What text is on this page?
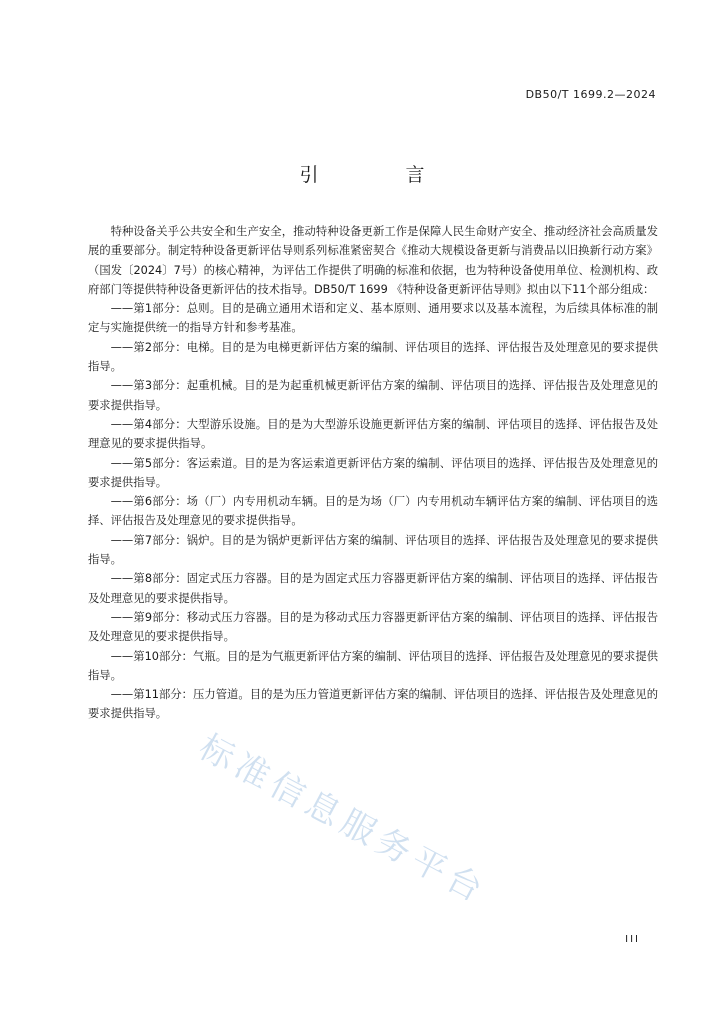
DB50/T 1699.2—2024
引　言

特种设备关乎公共安全和生产安全，推动特种设备更新工作是保障人民生命财产安全、推动经济社会高质量发展的重要部分。制定特种设备更新评估导则系列标准紧密契合《推动大规模设备更新与消费品以旧换新行动方案》（国发〔2024〕7号）的核心精神，为评估工作提供了明确的标准和依据，也为特种设备使用单位、检测机构、政府部门等提供特种设备更新评估的技术指导。DB50/T 1699 《特种设备更新评估导则》拟由以下11个部分组成：

——第1部分：总则。目的是确立通用术语和定义、基本原则、通用要求以及基本流程，为后续具体标准的制定与实施提供统一的指导方针和参考基准。

——第2部分：电梯。目的是为电梯更新评估方案的编制、评估项目的选择、评估报告及处理意见的要求提供指导。

——第3部分：起重机械。目的是为起重机械更新评估方案的编制、评估项目的选择、评估报告及处理意见的要求提供指导。

——第4部分：大型游乐设施。目的是为大型游乐设施更新评估方案的编制、评估项目的选择、评估报告及处理意见的要求提供指导。

——第5部分：客运索道。目的是为客运索道更新评估方案的编制、评估项目的选择、评估报告及处理意见的要求提供指导。

——第6部分：场（厂）内专用机动车辆。目的是为场（厂）内专用机动车辆评估方案的编制、评估项目的选择、评估报告及处理意见的要求提供指导。

——第7部分：锅炉。目的是为锅炉更新评估方案的编制、评估项目的选择、评估报告及处理意见的要求提供指导。

——第8部分：固定式压力容器。目的是为固定式压力容器更新评估方案的编制、评估项目的选择、评估报告及处理意见的要求提供指导。

——第9部分：移动式压力容器。目的是为移动式压力容器更新评估方案的编制、评估项目的选择、评估报告及处理意见的要求提供指导。

——第10部分：气瓶。目的是为气瓶更新评估方案的编制、评估项目的选择、评估报告及处理意见的要求提供指导。

——第11部分：压力管道。目的是为压力管道更新评估方案的编制、评估项目的选择、评估报告及处理意见的要求提供指导。

标准信息服务平台
III
